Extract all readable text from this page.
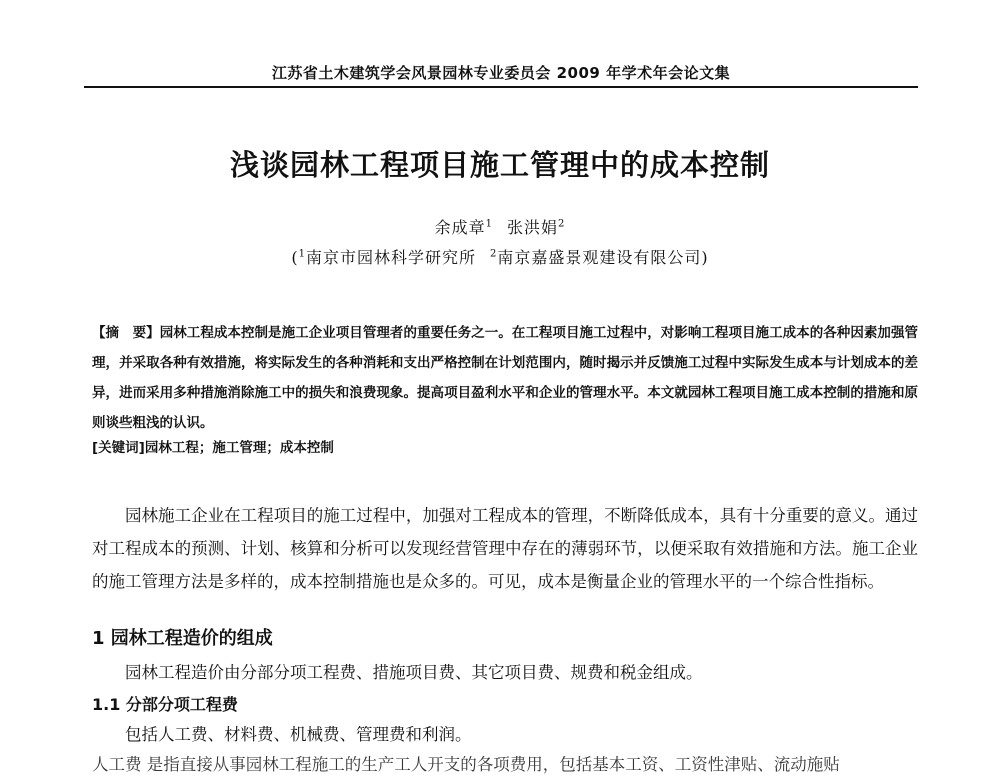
江苏省土木建筑学会风景园林专业委员会 2009 年学术年会论文集
浅谈园林工程项目施工管理中的成本控制
余成章$^1$ 张洪娟$^2$
($^1$南京市园林科学研究所 $^2$南京嘉盛景观建设有限公司)

【摘　要】园林工程成本控制是施工企业项目管理者的重要任务之一。在工程项目施工过程中，对影响工程项目施工成本的各种因素加强管理，并采取各种有效措施，将实际发生的各种消耗和支出严格控制在计划范围内，随时揭示并反馈施工过程中实际发生成本与计划成本的差异，进而采用多种措施消除施工中的损失和浪费现象。提高项目盈利水平和企业的管理水平。本文就园林工程项目施工成本控制的措施和原则谈些粗浅的认识。

[关键词]园林工程；施工管理；成本控制

园林施工企业在工程项目的施工过程中，加强对工程成本的管理，不断降低成本，具有十分重要的意义。通过对工程成本的预测、计划、核算和分析可以发现经营管理中存在的薄弱环节，以便采取有效措施和方法。施工企业的施工管理方法是多样的，成本控制措施也是众多的。可见，成本是衡量企业的管理水平的一个综合性指标。

1 园林工程造价的组成

园林工程造价由分部分项工程费、措施项目费、其它项目费、规费和税金组成。

1.1 分部分项工程费

包括人工费、材料费、机械费、管理费和利润。

人工费 是指直接从事园林工程施工的生产工人开支的各项费用，包括基本工资、工资性津贴、流动施贴
